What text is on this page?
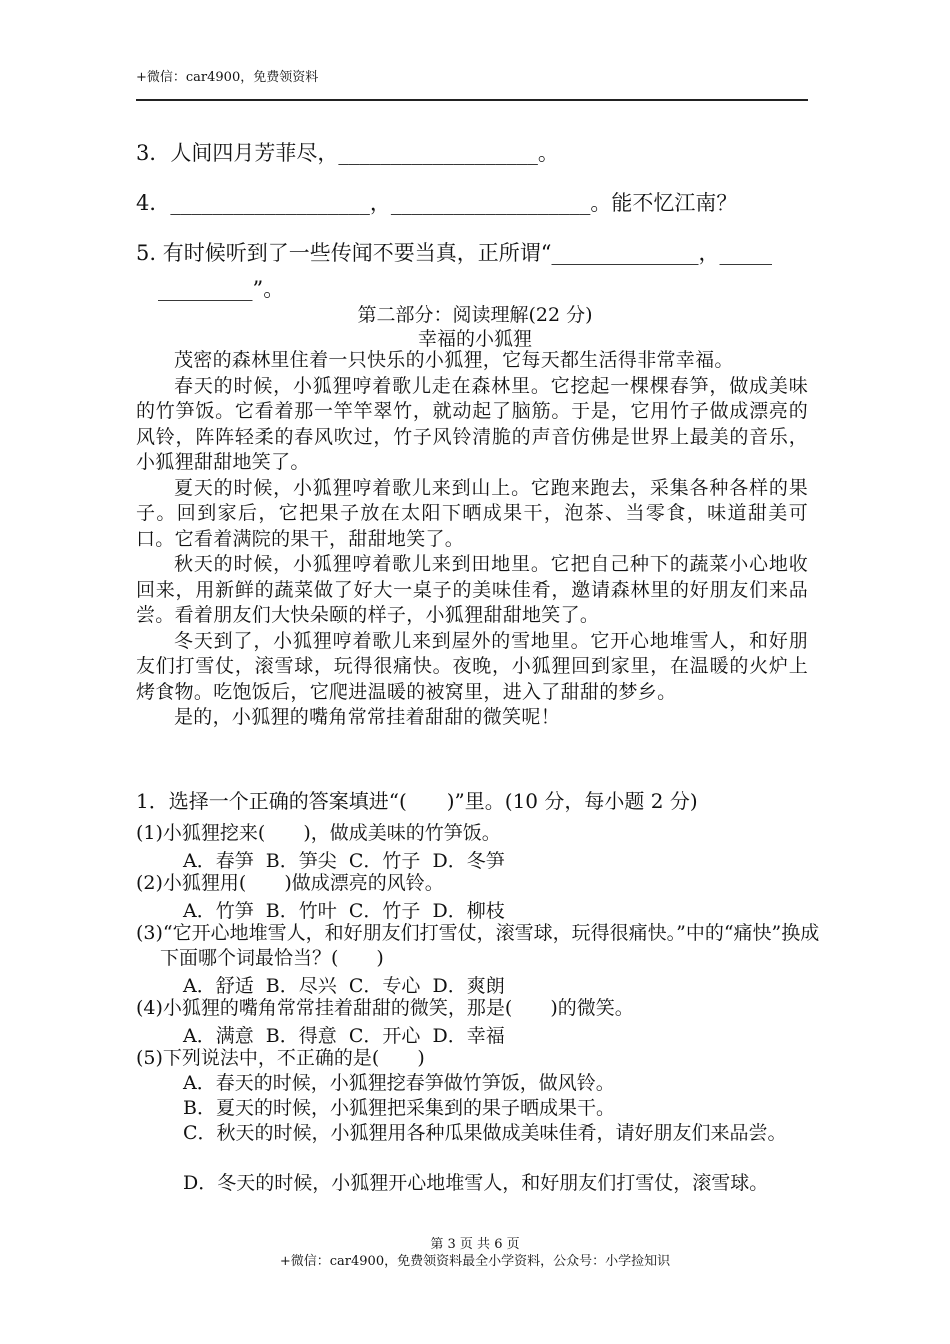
+微信：car4900，免费领资料
3．人间四月芳菲尽，___________________。
4．___________________，___________________。能不忆江南？
5. 有时候听到了一些传闻不要当真，正所谓“______________，_____
_________”。
第二部分：阅读理解(22 分)
幸福的小狐狸

茂密的森林里住着一只快乐的小狐狸，它每天都生活得非常幸福。

春天的时候，小狐狸哼着歌儿走在森林里。它挖起一棵棵春笋，做成美味的竹笋饭。它看着那一竿竿翠竹，就动起了脑筋。于是，它用竹子做成漂亮的风铃，阵阵轻柔的春风吹过，竹子风铃清脆的声音仿佛是世界上最美的音乐，小狐狸甜甜地笑了。

夏天的时候，小狐狸哼着歌儿来到山上。它跑来跑去，采集各种各样的果子。回到家后，它把果子放在太阳下晒成果干，泡茶、当零食，味道甜美可口。它看着满院的果干，甜甜地笑了。

秋天的时候，小狐狸哼着歌儿来到田地里。它把自己种下的蔬菜小心地收回来，用新鲜的蔬菜做了好大一桌子的美味佳肴，邀请森林里的好朋友们来品尝。看着朋友们大快朵颐的样子，小狐狸甜甜地笑了。

冬天到了，小狐狸哼着歌儿来到屋外的雪地里。它开心地堆雪人，和好朋友们打雪仗，滚雪球，玩得很痛快。夜晚，小狐狸回到家里，在温暖的火炉上烤食物。吃饱饭后，它爬进温暖的被窝里，进入了甜甜的梦乡。

是的，小狐狸的嘴角常常挂着甜甜的微笑呢！

1．选择一个正确的答案填进“(　　)”里。(10 分，每小题 2 分)
(1)小狐狸挖来(　　)，做成美味的竹笋饭。
A．春笋  B．笋尖  C．竹子  D．冬笋
(2)小狐狸用(　　)做成漂亮的风铃。
A．竹笋  B．竹叶  C．竹子  D．柳枝
(3)“它开心地堆雪人，和好朋友们打雪仗，滚雪球，玩得很痛快。”中的“痛快”换成下面哪个词最恰当？(　　)
A．舒适  B．尽兴  C．专心  D．爽朗
(4)小狐狸的嘴角常常挂着甜甜的微笑，那是(　　)的微笑。
A．满意  B．得意  C．开心  D．幸福
(5)下列说法中，不正确的是(　　)
A．春天的时候，小狐狸挖春笋做竹笋饭，做风铃。
B．夏天的时候，小狐狸把采集到的果子晒成果干。
C．秋天的时候，小狐狸用各种瓜果做成美味佳肴，请好朋友们来品尝。
D．冬天的时候，小狐狸开心地堆雪人，和好朋友们打雪仗，滚雪球。
第 3 页 共 6 页
+微信：car4900，免费领资料最全小学资料，公众号：小学捡知识
